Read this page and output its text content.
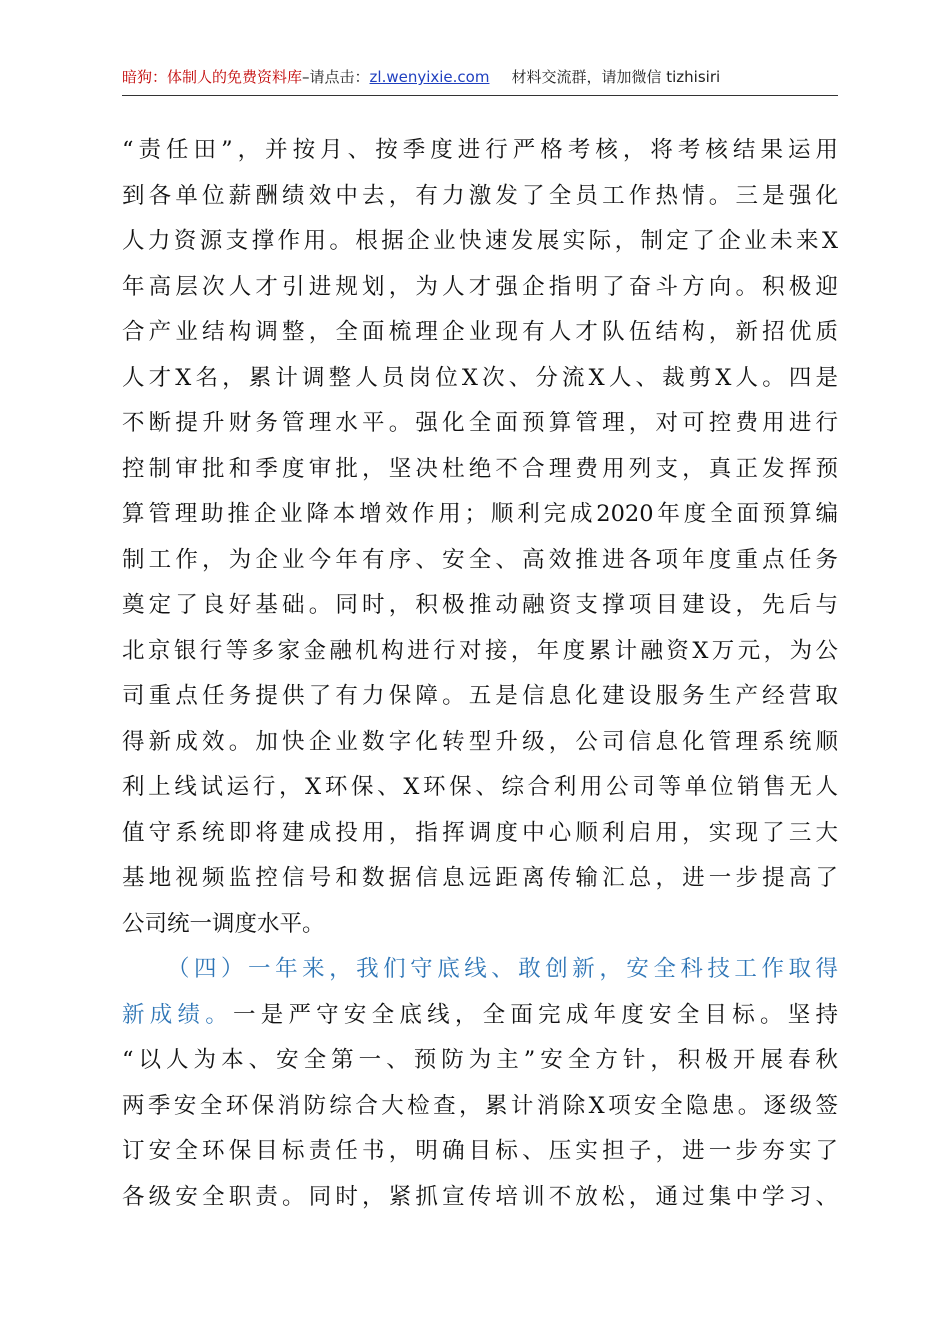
暗狗：体制人的免费资料库–请点击：zl.wenyixie.com 材料交流群，请加微信 tizhisiri
“责任田”，并按月、按季度进行严格考核，将考核结果运用
到各单位薪酬绩效中去，有力激发了全员工作热情。三是强化
人力资源支撑作用。根据企业快速发展实际，制定了企业未来X
年高层次人才引进规划，为人才强企指明了奋斗方向。积极迎
合产业结构调整，全面梳理企业现有人才队伍结构，新招优质
人才X名，累计调整人员岗位X次、分流X人、裁剪X人。四是
不断提升财务管理水平。强化全面预算管理，对可控费用进行
控制审批和季度审批，坚决杜绝不合理费用列支，真正发挥预
算管理助推企业降本增效作用；顺利完成2020年度全面预算编
制工作，为企业今年有序、安全、高效推进各项年度重点任务
奠定了良好基础。同时，积极推动融资支撑项目建设，先后与
北京银行等多家金融机构进行对接，年度累计融资X万元，为公
司重点任务提供了有力保障。五是信息化建设服务生产经营取
得新成效。加快企业数字化转型升级，公司信息化管理系统顺
利上线试运行，X环保、X环保、综合利用公司等单位销售无人
值守系统即将建成投用，指挥调度中心顺利启用，实现了三大
基地视频监控信号和数据信息远距离传输汇总，进一步提高了
公司统一调度水平。
（四）一年来，我们守底线、敢创新，安全科技工作取得
新成绩。一是严守安全底线，全面完成年度安全目标。坚持
“以人为本、安全第一、预防为主”安全方针，积极开展春秋
两季安全环保消防综合大检查，累计消除X项安全隐患。逐级签
订安全环保目标责任书，明确目标、压实担子，进一步夯实了
各级安全职责。同时，紧抓宣传培训不放松，通过集中学习、
